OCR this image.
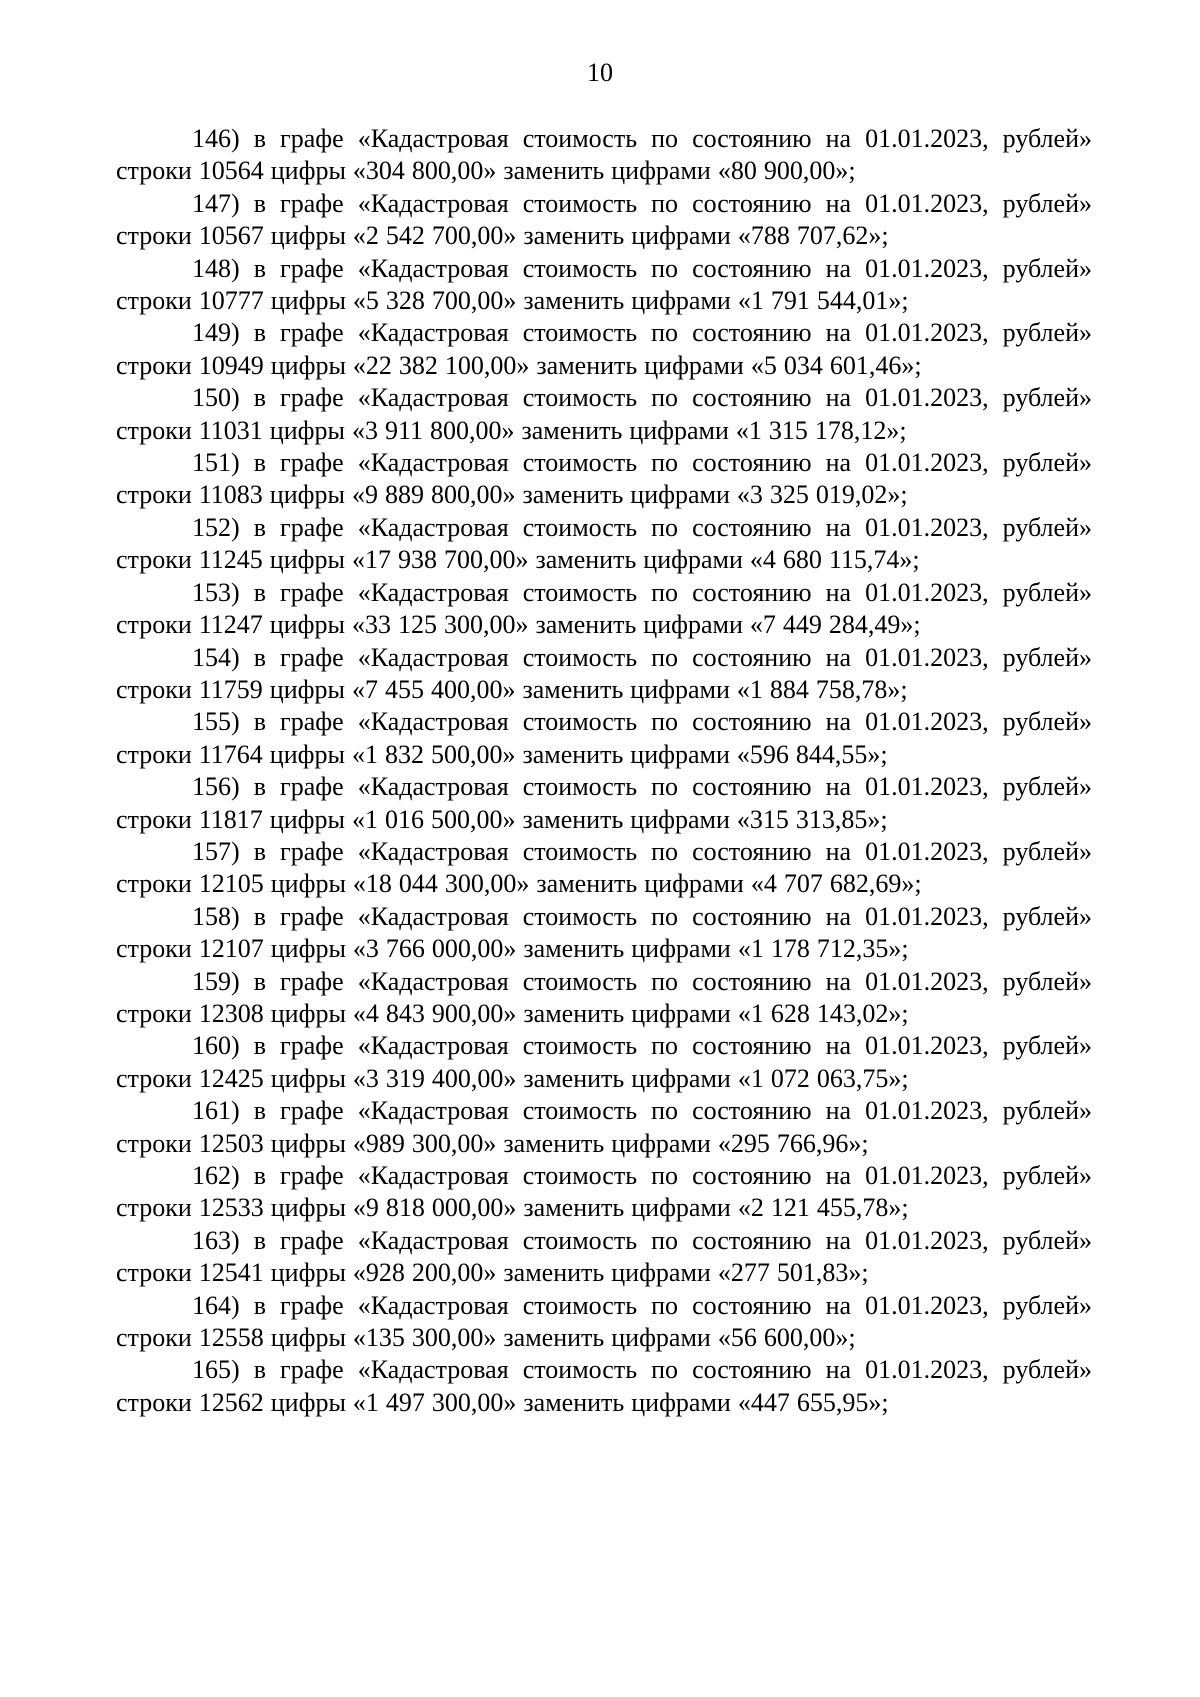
10

146) в графе «Кадастровая стоимость по состоянию на 01.01.2023, рублей» строки 10564 цифры «304 800,00» заменить цифрами «80 900,00»;

147) в графе «Кадастровая стоимость по состоянию на 01.01.2023, рублей» строки 10567 цифры «2 542 700,00» заменить цифрами «788 707,62»;

148) в графе «Кадастровая стоимость по состоянию на 01.01.2023, рублей» строки 10777 цифры «5 328 700,00» заменить цифрами «1 791 544,01»;

149) в графе «Кадастровая стоимость по состоянию на 01.01.2023, рублей» строки 10949 цифры «22 382 100,00» заменить цифрами «5 034 601,46»;

150) в графе «Кадастровая стоимость по состоянию на 01.01.2023, рублей» строки 11031 цифры «3 911 800,00» заменить цифрами «1 315 178,12»;

151) в графе «Кадастровая стоимость по состоянию на 01.01.2023, рублей» строки 11083 цифры «9 889 800,00» заменить цифрами «3 325 019,02»;

152) в графе «Кадастровая стоимость по состоянию на 01.01.2023, рублей» строки 11245 цифры «17 938 700,00» заменить цифрами «4 680 115,74»;

153) в графе «Кадастровая стоимость по состоянию на 01.01.2023, рублей» строки 11247 цифры «33 125 300,00» заменить цифрами «7 449 284,49»;

154) в графе «Кадастровая стоимость по состоянию на 01.01.2023, рублей» строки 11759 цифры «7 455 400,00» заменить цифрами «1 884 758,78»;

155) в графе «Кадастровая стоимость по состоянию на 01.01.2023, рублей» строки 11764 цифры «1 832 500,00» заменить цифрами «596 844,55»;

156) в графе «Кадастровая стоимость по состоянию на 01.01.2023, рублей» строки 11817 цифры «1 016 500,00» заменить цифрами «315 313,85»;

157) в графе «Кадастровая стоимость по состоянию на 01.01.2023, рублей» строки 12105 цифры «18 044 300,00» заменить цифрами «4 707 682,69»;

158) в графе «Кадастровая стоимость по состоянию на 01.01.2023, рублей» строки 12107 цифры «3 766 000,00» заменить цифрами «1 178 712,35»;

159) в графе «Кадастровая стоимость по состоянию на 01.01.2023, рублей» строки 12308 цифры «4 843 900,00» заменить цифрами «1 628 143,02»;

160) в графе «Кадастровая стоимость по состоянию на 01.01.2023, рублей» строки 12425 цифры «3 319 400,00» заменить цифрами «1 072 063,75»;

161) в графе «Кадастровая стоимость по состоянию на 01.01.2023, рублей» строки 12503 цифры «989 300,00» заменить цифрами «295 766,96»;

162) в графе «Кадастровая стоимость по состоянию на 01.01.2023, рублей» строки 12533 цифры «9 818 000,00» заменить цифрами «2 121 455,78»;

163) в графе «Кадастровая стоимость по состоянию на 01.01.2023, рублей» строки 12541 цифры «928 200,00» заменить цифрами «277 501,83»;

164) в графе «Кадастровая стоимость по состоянию на 01.01.2023, рублей» строки 12558 цифры «135 300,00» заменить цифрами «56 600,00»;

165) в графе «Кадастровая стоимость по состоянию на 01.01.2023, рублей» строки 12562 цифры «1 497 300,00» заменить цифрами «447 655,95»;
